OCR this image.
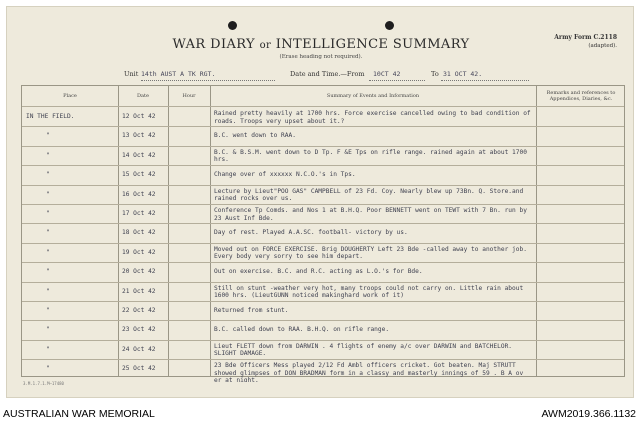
WAR DIARY or INTELLIGENCE SUMMARY
(Erase heading not required).
Army Form C.2118
(adapted).
Unit 14th AUST A TK RGT.	Date and Time.—From 10CT 42	To 31 OCT 42.
Place	Date	Hour	Summary of Events and Information	Remarks and references to Appendices, Diaries, &c.
IN THE FIELD.	12 Oct 42	Rained pretty heavily at 1700 hrs. Force exercise cancelled owing to bad condition of roads. Troops very upset about it.?
"	13 Oct 42	B.C. went down to RAA.
"	14 Oct 42	B.C. & B.S.M. went down to D Tp. F &E Tps on rifle range. rained again at about 1700 hrs.
"	15 Oct 42	Change over of xxxxxx N.C.O.'s in Tps.
"	16 Oct 42	Lecture by Lieut"POO GAS" CAMPBELL of 23 Fd. Coy. Nearly blew up 73Bn. Q. Store.and rained rocks over us.
"	17 Oct 42	Conference Tp Comds. and Nos 1 at B.H.Q. Poor BENNETT went on TEWT with 7 Bn. run by 23 Aust Inf Bde.
"	18 Oct 42	Day of rest. Played A.A.SC. football- victory by us.
"	19 Oct 42	Moved out on FORCE EXERCISE. Brig DOUGHERTY Left 23 Bde -called away to another job. Every body very sorry to see him depart.
"	20 Oct 42	Out on exercise. B.C. and R.C. acting as L.O.'s for Bde.
"	21 Oct 42	Still on stunt -weather very hot, many troops could not carry on. Little rain about 1600 hrs. (LieutGUNN noticed makinghard work of it)
"	22 Oct 42	Returned from stunt.
"	23 Oct 42	B.C. called down to RAA. B.H.Q. on rifle range.
"	24 Oct 42	Lieut FLETT down from DARWIN . 4 flights of enemy a/c over DARWIN and BATCHELOR. SLIGHT DAMAGE.
"	25 Oct 42	23 Bde Officers Mess played 2/12 Fd Ambl officers cricket. Got beaten. Maj STRUTT showed glimpses of DON BRADMAN form in a classy and masterly innings of 59 . B A ov er at night.
3.M.1.7.1.M—17480
AUSTRALIAN WAR MEMORIAL	AWM2019.366.1132
